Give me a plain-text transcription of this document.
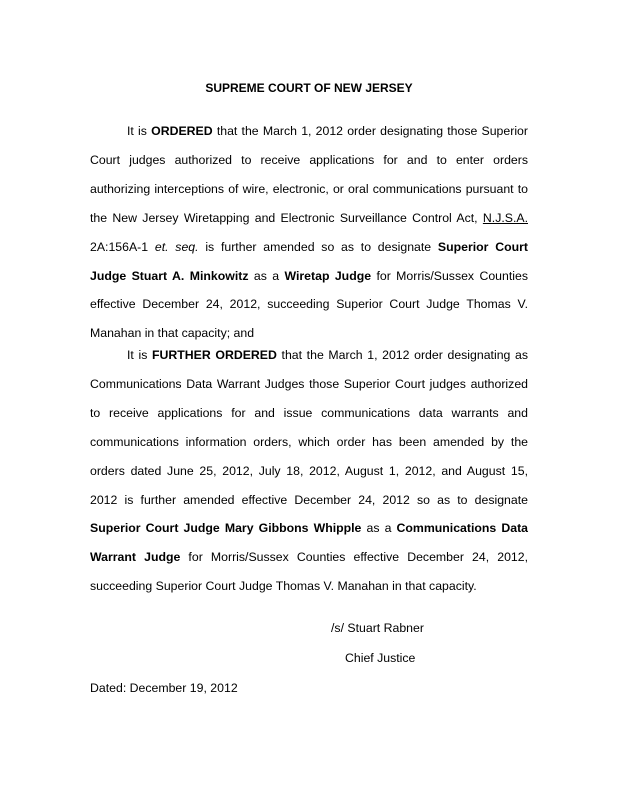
SUPREME COURT OF NEW JERSEY

It is ORDERED that the March 1, 2012 order designating those Superior Court judges authorized to receive applications for and to enter orders authorizing interceptions of wire, electronic, or oral communications pursuant to the New Jersey Wiretapping and Electronic Surveillance Control Act, N.J.S.A. 2A:156A-1 et. seq. is further amended so as to designate Superior Court Judge Stuart A. Minkowitz as a Wiretap Judge for Morris/Sussex Counties effective December 24, 2012, succeeding Superior Court Judge Thomas V. Manahan in that capacity; and

It is FURTHER ORDERED that the March 1, 2012 order designating as Communications Data Warrant Judges those Superior Court judges authorized to receive applications for and issue communications data warrants and communications information orders, which order has been amended by the orders dated June 25, 2012, July 18, 2012, August 1, 2012, and August 15, 2012 is further amended effective December 24, 2012 so as to designate Superior Court Judge Mary Gibbons Whipple as a Communications Data Warrant Judge for Morris/Sussex Counties effective December 24, 2012, succeeding Superior Court Judge Thomas V. Manahan in that capacity.

/s/ Stuart Rabner
Chief Justice
Dated: December 19, 2012
